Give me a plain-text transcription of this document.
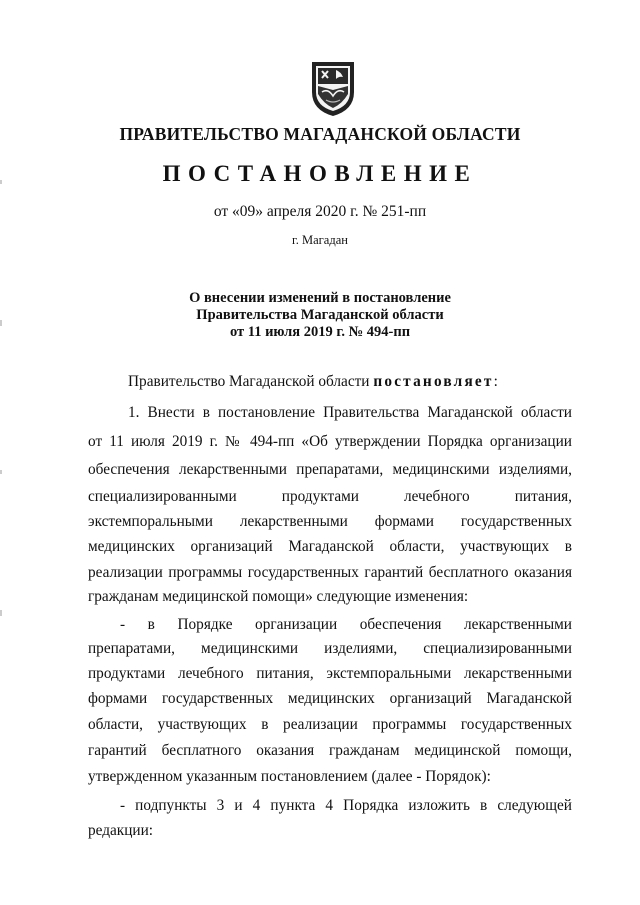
ПРАВИТЕЛЬСТВО МАГАДАНСКОЙ ОБЛАСТИ
ПОСТАНОВЛЕНИЕ
от «09» апреля 2020 г. № 251-пп
г. Магадан
О внесении изменений в постановление
Правительства Магаданской области
от 11 июля 2019 г. № 494-пп
Правительство Магаданской области постановляет:
1. Внести в постановление Правительства Магаданской области
от 11 июля 2019 г. № 494-пп «Об утверждении Порядка организации
обеспечения лекарственными препаратами, медицинскими изделиями,
специализированными продуктами лечебного питания,
экстемпоральными лекарственными формами государственных
медицинских организаций Магаданской области, участвующих в
реализации программы государственных гарантий бесплатного оказания
гражданам медицинской помощи» следующие изменения:
- в Порядке организации обеспечения лекарственными
препаратами, медицинскими изделиями, специализированными
продуктами лечебного питания, экстемпоральными лекарственными
формами государственных медицинских организаций Магаданской
области, участвующих в реализации программы государственных
гарантий бесплатного оказания гражданам медицинской помощи,
утвержденном указанным постановлением (далее - Порядок):
- подпункты 3 и 4 пункта 4 Порядка изложить в следующей
редакции:
